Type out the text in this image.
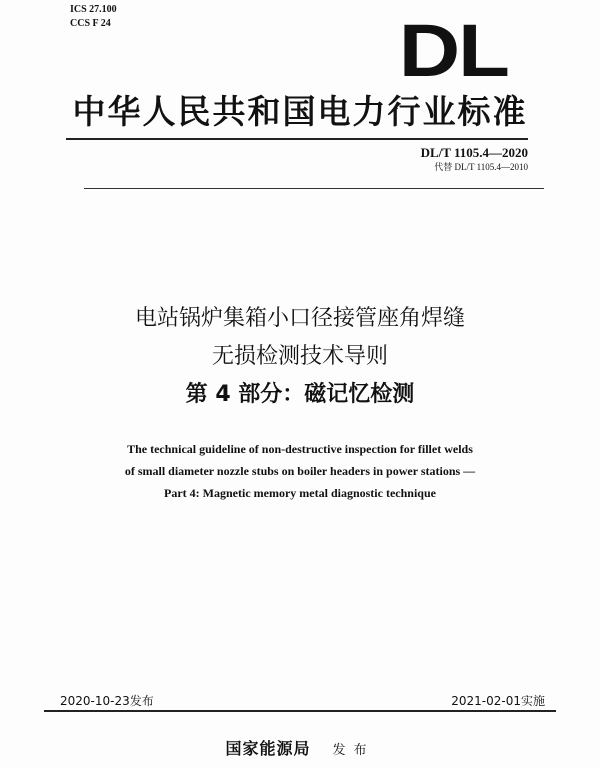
ICS 27.100
CCS F 24	DL
中华人民共和国电力行业标准
DL/T 1105.4—2020
代替 DL/T 1105.4—2010
电站锅炉集箱小口径接管座角焊缝
无损检测技术导则
第 4 部分：磁记忆检测
The technical guideline of non-destructive inspection for fillet welds
of small diameter nozzle stubs on boiler headers in power stations —
Part 4: Magnetic memory metal diagnostic technique
2020-10-23发布	2021-02-01实施
国家能源局 发布
